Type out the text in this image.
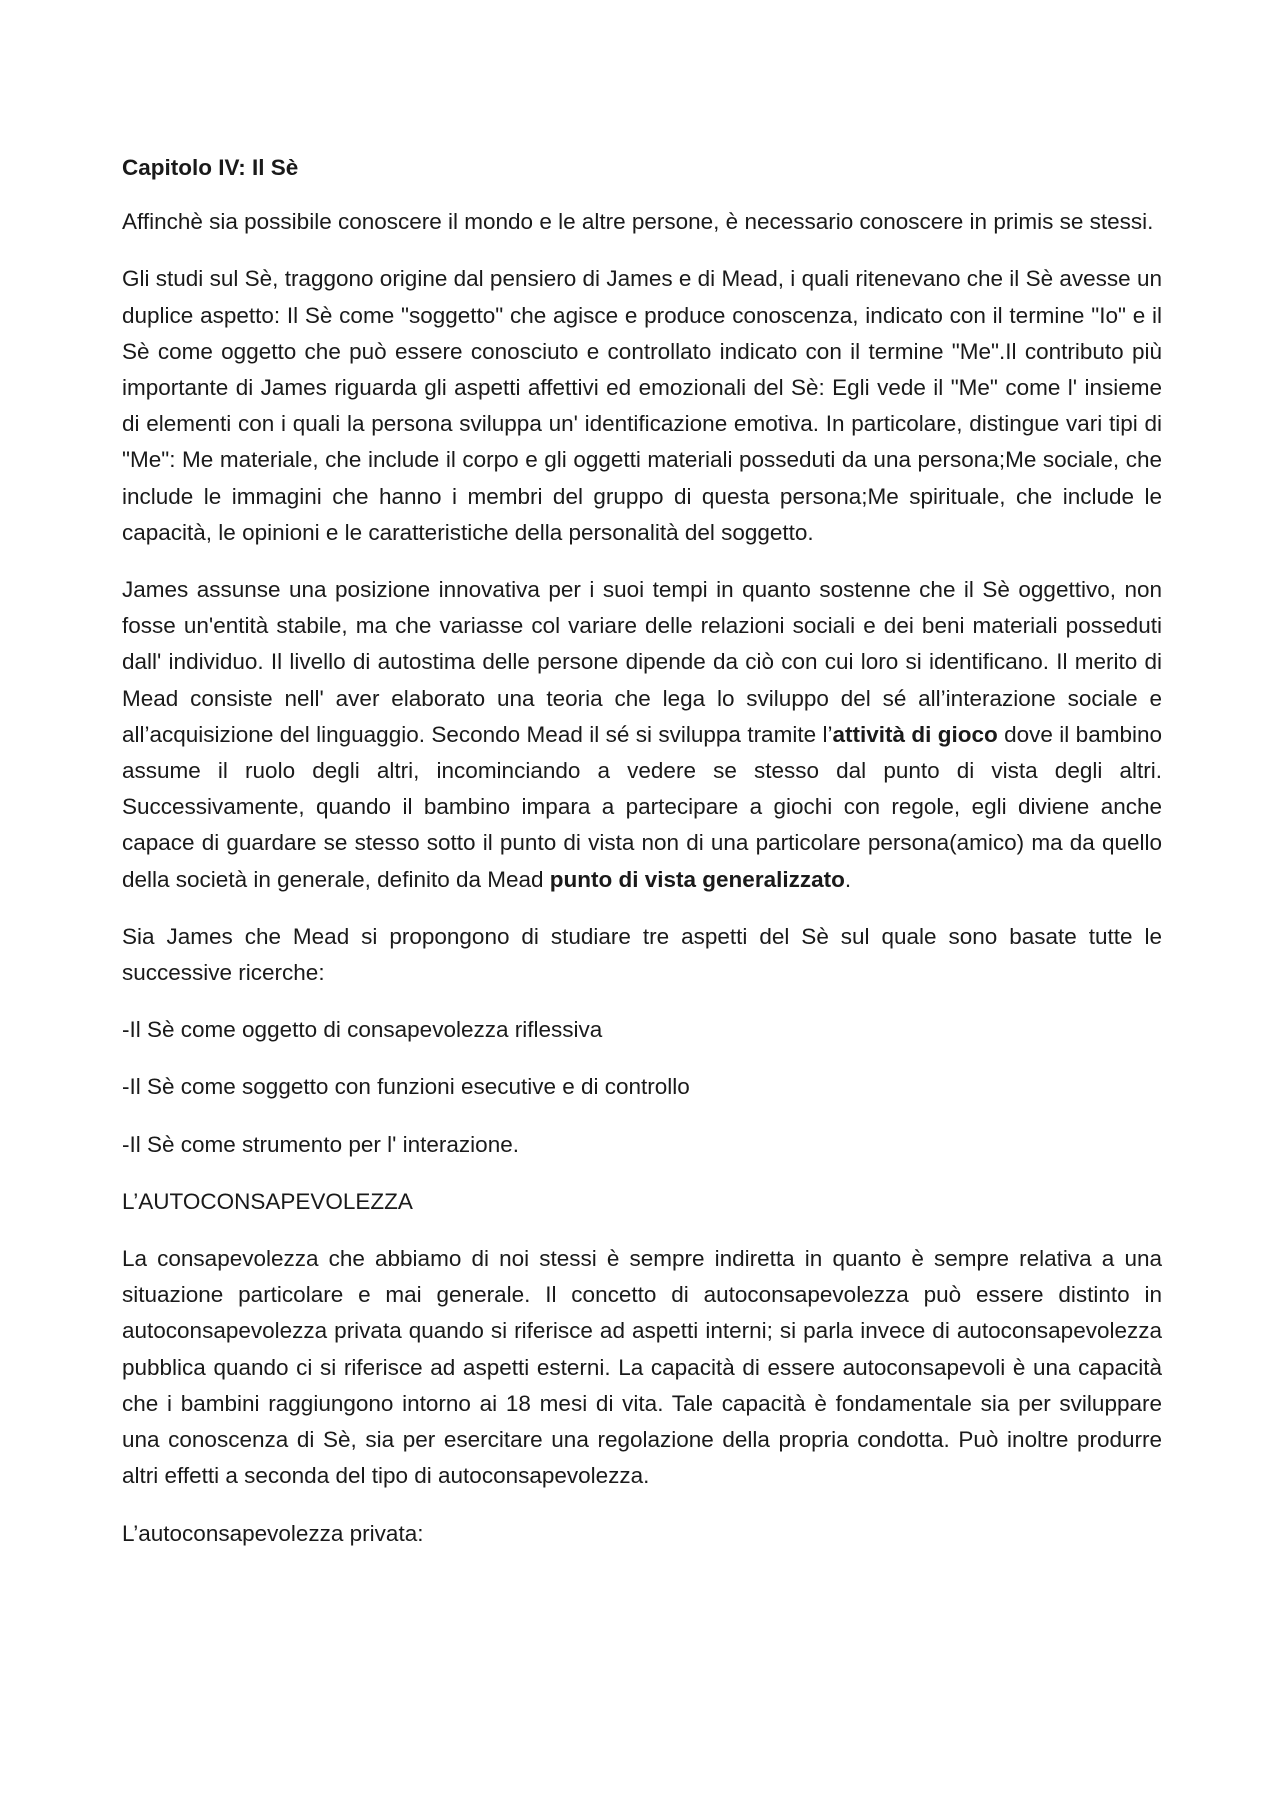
Capitolo IV: Il Sè

Affinchè sia possibile conoscere il mondo e le altre persone, è necessario conoscere in primis se stessi.

Gli studi sul Sè, traggono origine dal pensiero di James e di Mead, i quali ritenevano che il Sè avesse un duplice aspetto: Il Sè come "soggetto" che agisce e produce conoscenza, indicato con il termine "Io" e il Sè come oggetto che può essere conosciuto e controllato indicato con il termine "Me".Il contributo più importante di James riguarda gli aspetti affettivi ed emozionali del Sè: Egli vede il "Me" come l' insieme di elementi con i quali la persona sviluppa un' identificazione emotiva. In particolare, distingue vari tipi di "Me": Me materiale, che include il corpo e gli oggetti materiali posseduti da una persona;Me sociale, che include le immagini che hanno i membri del gruppo di questa persona;Me spirituale, che include le capacità, le opinioni e le caratteristiche della personalità del soggetto.

James assunse una posizione innovativa per i suoi tempi in quanto sostenne che il Sè oggettivo, non fosse un'entità stabile, ma che variasse col variare delle relazioni sociali e dei beni materiali posseduti dall' individuo. Il livello di autostima delle persone dipende da ciò con cui loro si identificano. Il merito di Mead consiste nell' aver elaborato una teoria che lega lo sviluppo del sé all’interazione sociale e all’acquisizione del linguaggio. Secondo Mead il sé si sviluppa tramite l’attività di gioco dove il bambino assume il ruolo degli altri, incominciando a vedere se stesso dal punto di vista degli altri. Successivamente, quando il bambino impara a partecipare a giochi con regole, egli diviene anche capace di guardare se stesso sotto il punto di vista non di una particolare persona(amico) ma da quello della società in generale, definito da Mead punto di vista generalizzato.

Sia James che Mead si propongono di studiare tre aspetti del Sè sul quale sono basate tutte le successive ricerche:

-Il Sè come oggetto di consapevolezza riflessiva

-Il Sè come soggetto con funzioni esecutive e di controllo

-Il Sè come strumento per l' interazione.

L’AUTOCONSAPEVOLEZZA

La consapevolezza che abbiamo di noi stessi è sempre indiretta in quanto è sempre relativa a una situazione particolare e mai generale. Il concetto di autoconsapevolezza può essere distinto in autoconsapevolezza privata quando si riferisce ad aspetti interni; si parla invece di autoconsapevolezza pubblica quando ci si riferisce ad aspetti esterni. La capacità di essere autoconsapevoli è una capacità che i bambini raggiungono intorno ai 18 mesi di vita. Tale capacità è fondamentale sia per sviluppare una conoscenza di Sè, sia per esercitare una regolazione della propria condotta. Può inoltre produrre altri effetti a seconda del tipo di autoconsapevolezza.

L’autoconsapevolezza privata:
